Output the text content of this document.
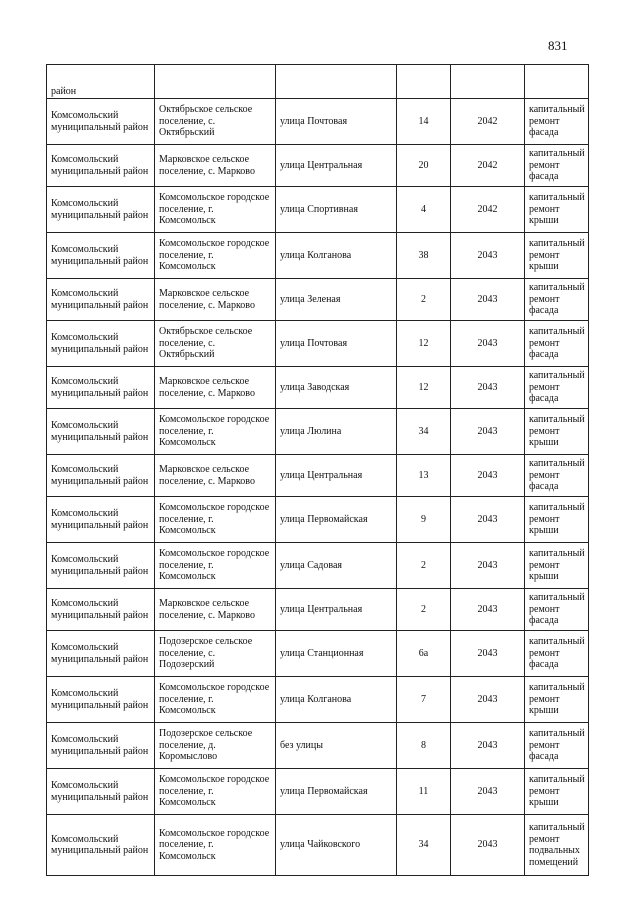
831
район					
Комсомольский муниципальный район	Октябрьское сельское поселение, с. Октябрьский	улица Почтовая	14	2042	капитальный ремонт фасада
Комсомольский муниципальный район	Марковское сельское поселение, с. Марково	улица Центральная	20	2042	капитальный ремонт фасада
Комсомольский муниципальный район	Комсомольское городское поселение, г. Комсомольск	улица Спортивная	4	2042	капитальный ремонт крыши
Комсомольский муниципальный район	Комсомольское городское поселение, г. Комсомольск	улица Колганова	38	2043	капитальный ремонт крыши
Комсомольский муниципальный район	Марковское сельское поселение, с. Марково	улица Зеленая	2	2043	капитальный ремонт фасада
Комсомольский муниципальный район	Октябрьское сельское поселение, с. Октябрьский	улица Почтовая	12	2043	капитальный ремонт фасада
Комсомольский муниципальный район	Марковское сельское поселение, с. Марково	улица Заводская	12	2043	капитальный ремонт фасада
Комсомольский муниципальный район	Комсомольское городское поселение, г. Комсомольск	улица Люлина	34	2043	капитальный ремонт крыши
Комсомольский муниципальный район	Марковское сельское поселение, с. Марково	улица Центральная	13	2043	капитальный ремонт фасада
Комсомольский муниципальный район	Комсомольское городское поселение, г. Комсомольск	улица Первомайская	9	2043	капитальный ремонт крыши
Комсомольский муниципальный район	Комсомольское городское поселение, г. Комсомольск	улица Садовая	2	2043	капитальный ремонт крыши
Комсомольский муниципальный район	Марковское сельское поселение, с. Марково	улица Центральная	2	2043	капитальный ремонт фасада
Комсомольский муниципальный район	Подозерское сельское поселение, с. Подозерский	улица Станционная	6а	2043	капитальный ремонт фасада
Комсомольский муниципальный район	Комсомольское городское поселение, г. Комсомольск	улица Колганова	7	2043	капитальный ремонт крыши
Комсомольский муниципальный район	Подозерское сельское поселение, д. Коромыслово	без улицы	8	2043	капитальный ремонт фасада
Комсомольский муниципальный район	Комсомольское городское поселение, г. Комсомольск	улица Первомайская	11	2043	капитальный ремонт крыши
Комсомольский муниципальный район	Комсомольское городское поселение, г. Комсомольск	улица Чайковского	34	2043	капитальный ремонт подвальных помещений
